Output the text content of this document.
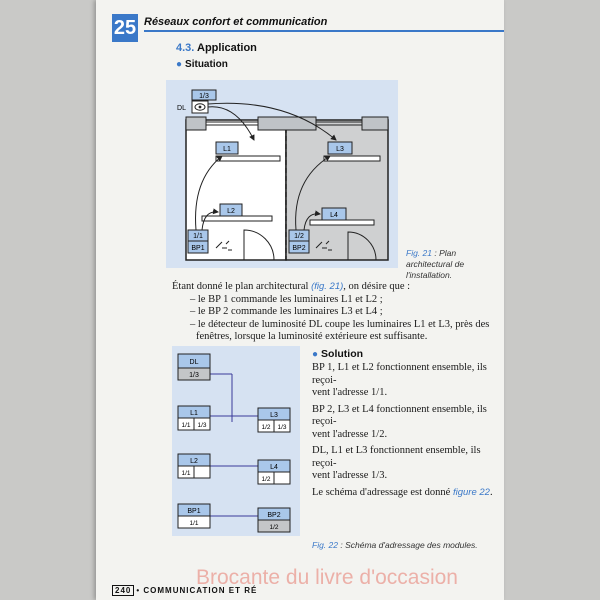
25 Réseaux confort et communication
4.3. Application
● Situation
1/3
DL
L1	L3
L2
L4
1/1
BP1
1/2
BP2	Fig. 21 : Plan architectural de l'installation.
Étant donné le plan architectural (fig. 21), on désire que :
– le BP 1 commande les luminaires L1 et L2 ;
– le BP 2 commande les luminaires L3 et L4 ;
– le détecteur de luminosité DL coupe les luminaires L1 et L3, près des
fenêtres, lorsque la luminosité extérieure est suffisante.
DL
1/3
L1
1/1 1/3
L3
1/2 1/3
L2
1/1
L4
1/2
BP1
1/1
BP2
1/2
Fig. 22 : Schéma d'adressage des modules.
● Solution
BP 1, L1 et L2 fonctionnent ensemble, ils reçoi-
vent l'adresse 1/1.
BP 2, L3 et L4 fonctionnent ensemble, ils reçoi-
vent l'adresse 1/2.
DL, L1 et L3 fonctionnent ensemble, ils reçoi-
vent l'adresse 1/3.
Le schéma d'adressage est donné figure 22.
240 • COMMUNICATION ET RÉ
Brocante du livre d'occasion
